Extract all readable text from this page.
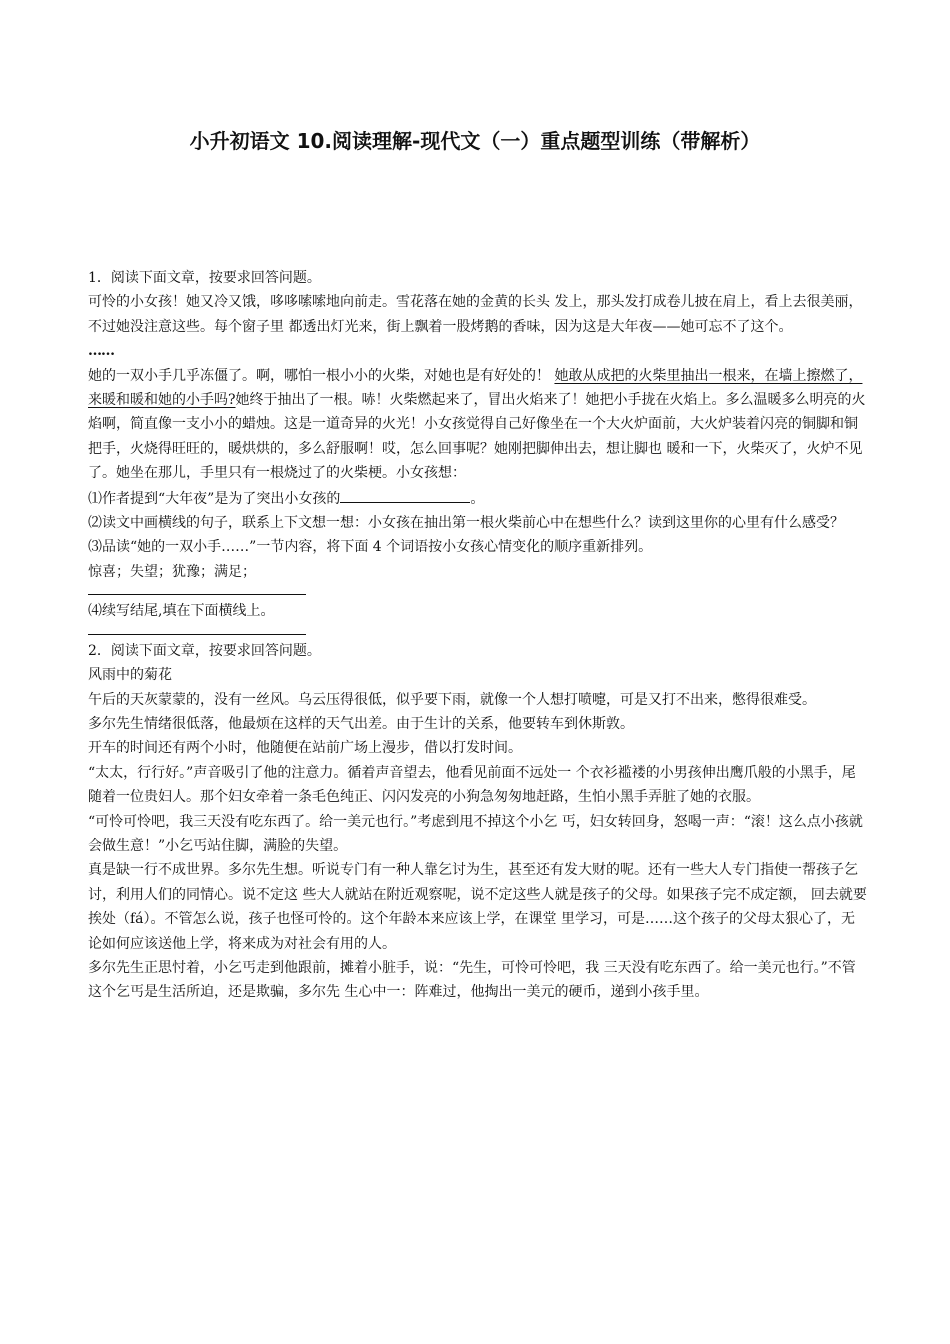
小升初语文 10.阅读理解-现代文（一）重点题型训练（带解析）

1．阅读下面文章，按要求回答问题。

可怜的小女孩！她又冷又饿，哆哆嗦嗦地向前走。雪花落在她的金黄的长头 发上，那头发打成卷儿披在肩上，看上去很美丽，不过她没注意这些。每个窗子里 都透出灯光来，街上飘着一股烤鹅的香味，因为这是大年夜——她可忘不了这个。

……

她的一双小手几乎冻僵了。啊，哪怕一根小小的火柴，对她也是有好处的！ 她敢从成把的火柴里抽出一根来，在墙上擦燃了，来暖和暖和她的小手吗?她终于抽出了一根。哧！火柴燃起来了，冒出火焰来了！她把小手拢在火焰上。多么温暖多么明亮的火焰啊，简直像一支小小的蜡烛。这是一道奇异的火光！小女孩觉得自己好像坐在一个大火炉面前，大火炉装着闪亮的铜脚和铜把手，火烧得旺旺的，暖烘烘的，多么舒服啊！哎，怎么回事呢？她刚把脚伸出去，想让脚也 暖和一下，火柴灭了，火炉不见了。她坐在那儿，手里只有一根烧过了的火柴梗。小女孩想：

⑴作者提到“大年夜”是为了突出小女孩的	。

⑵读文中画横线的句子，联系上下文想一想：小女孩在抽出第一根火柴前心中在想些什么？读到这里你的心里有什么感受？

⑶品读“她的一双小手……”一节内容，将下面 4 个词语按小女孩心情变化的顺序重新排列。

惊喜；失望；犹豫；满足；

⑷续写结尾,填在下面横线上。

2．阅读下面文章，按要求回答问题。

风雨中的菊花

午后的天灰蒙蒙的，没有一丝风。乌云压得很低，似乎要下雨，就像一个人想打喷嚏，可是又打不出来，憋得很难受。

多尔先生情绪很低落，他最烦在这样的天气出差。由于生计的关系，他要转车到休斯敦。

开车的时间还有两个小时，他随便在站前广场上漫步，借以打发时间。

“太太，行行好。”声音吸引了他的注意力。循着声音望去，他看见前面不远处一 个衣衫褴褛的小男孩伸出鹰爪般的小黑手，尾随着一位贵妇人。那个妇女牵着一条毛色纯正、闪闪发亮的小狗急匆匆地赶路，生怕小黑手弄脏了她的衣服。

“可怜可怜吧，我三天没有吃东西了。给一美元也行。”考虑到甩不掉这个小乞 丐，妇女转回身，怒喝一声：“滚！这么点小孩就会做生意！”小乞丐站住脚，满脸的失望。

真是缺一行不成世界。多尔先生想。听说专门有一种人靠乞讨为生，甚至还有发大财的呢。还有一些大人专门指使一帮孩子乞讨，利用人们的同情心。说不定这 些大人就站在附近观察呢，说不定这些人就是孩子的父母。如果孩子完不成定额， 回去就要挨处（fá）。不管怎么说，孩子也怪可怜的。这个年龄本来应该上学，在课堂 里学习，可是……这个孩子的父母太狠心了，无论如何应该送他上学，将来成为对社会有用的人。

多尔先生正思忖着，小乞丐走到他跟前，摊着小脏手，说：“先生，可怜可怜吧，我 三天没有吃东西了。给一美元也行。”不管这个乞丐是生活所迫，还是欺骗，多尔先 生心中一：阵难过，他掏出一美元的硬币，递到小孩手里。
